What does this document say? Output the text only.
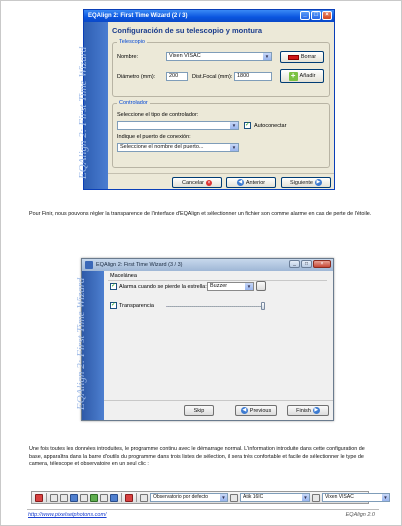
EQAlign 2: First Time Wizard (2 / 3)	_	□	×
EQAlign 2: First Time Wizard
Configuración de su telescopio y montura
Telescopio
Nombre:	Vixen VISAC	▼
Diámetro (mm):	200	Dist.Focal (mm): 1800
Borrar
+ Añadir
Controlador
Seleccione el tipo de controlador:
▼ ✓ Autoconectar
Indique el puerto de conexión:
Seleccione el nombre del puerto...	▼
Cancelar ×	◀ Anterior	Siguiente ▶
Pour Finir, nous pouvons régler la transparence de l'interface d'EQAlign et sélectionner un fichier son comme alarme en cas de perte de l'étoile.
EQAlign 2: First Time Wizard (3 / 3)	_	□	×
EQAlign 2: First Time Wizard
Macelánea
✓ Alarma cuando se pierde la estrella: Buzzer	▼
✓ Transparencia
Skip	◀ Previous	Finish ▶
Une fois toutes les données introduites, le programme continu avec le démarrage normal. L'information introduite dans cette configuration de base, apparaîtra dans la barre d'outils du programme dans trois listes de sélection, il sera très confortable et facile de sélectionner le type de camera, télescope et observatoire en un seul clic :
Observatorio por defecto	▼	Atik 16IC	▼	Vixen VISAC	▼
http://www.pixelsetphotons.com/	EQAlign 2.0
